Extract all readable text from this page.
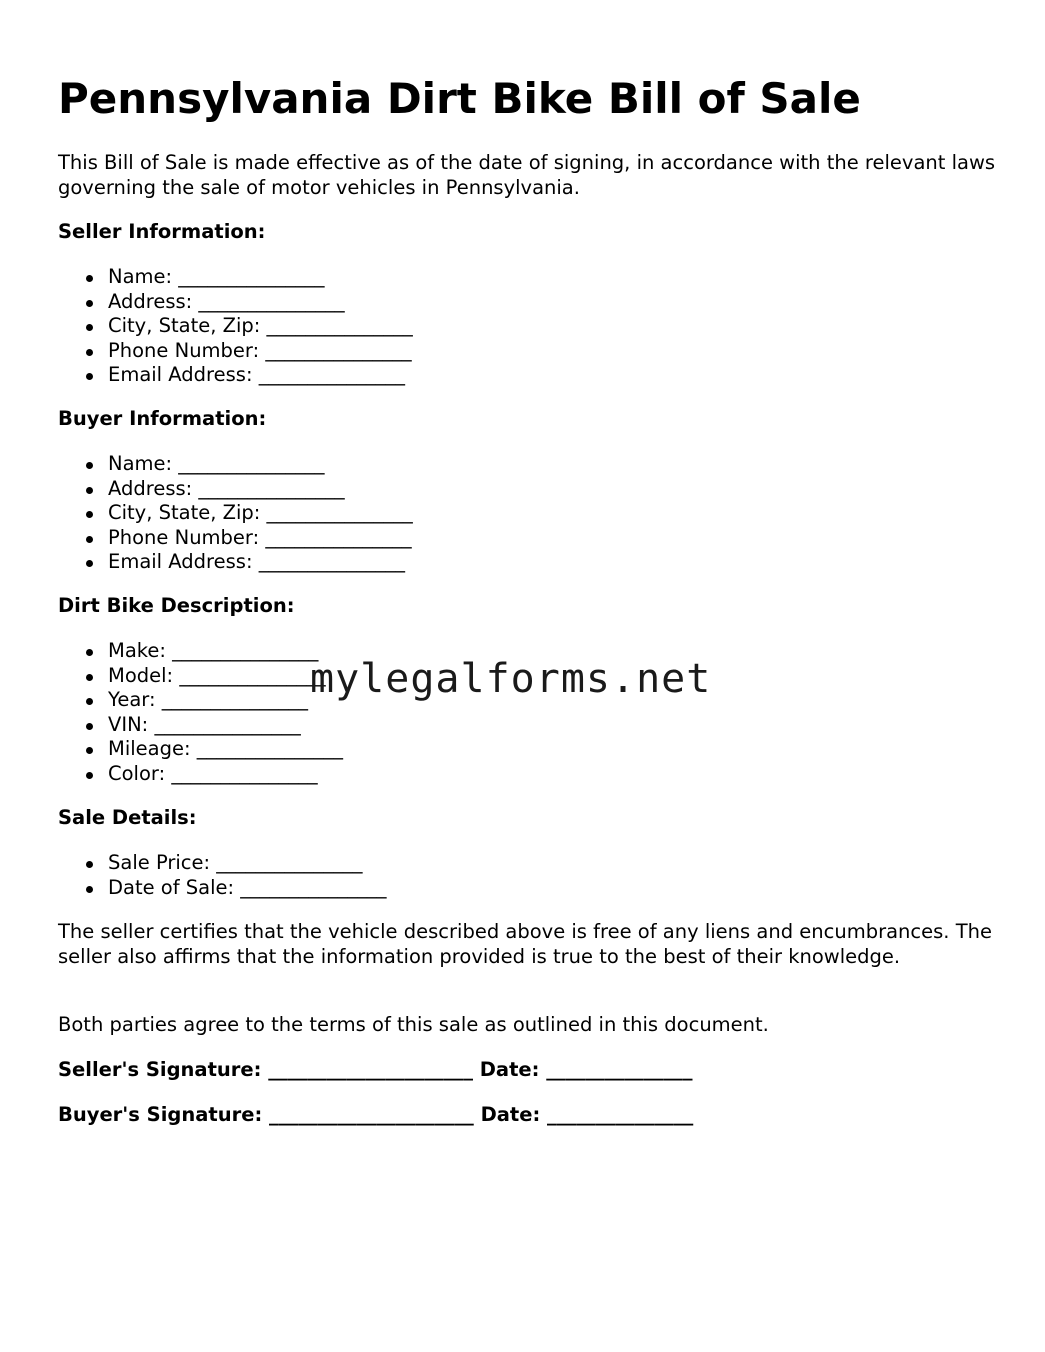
Pennsylvania Dirt Bike Bill of Sale

This Bill of Sale is made effective as of the date of signing, in accordance with the relevant laws governing the sale of motor vehicles in Pennsylvania.

Seller Information:

Name: _______________
Address: _______________
City, State, Zip: _______________
Phone Number: _______________
Email Address: _______________

Buyer Information:

Name: _______________
Address: _______________
City, State, Zip: _______________
Phone Number: _______________
Email Address: _______________

Dirt Bike Description:

Make: _______________
Model: _______________
Year: _______________
VIN: _______________
Mileage: _______________
Color: _______________

Sale Details:

Sale Price: _______________
Date of Sale: _______________

The seller certifies that the vehicle described above is free of any liens and encumbrances. The seller also affirms that the information provided is true to the best of their knowledge.

Both parties agree to the terms of this sale as outlined in this document.

Seller's Signature: _____________________ Date: _______________

Buyer's Signature: _____________________ Date: _______________

mylegalforms.net
